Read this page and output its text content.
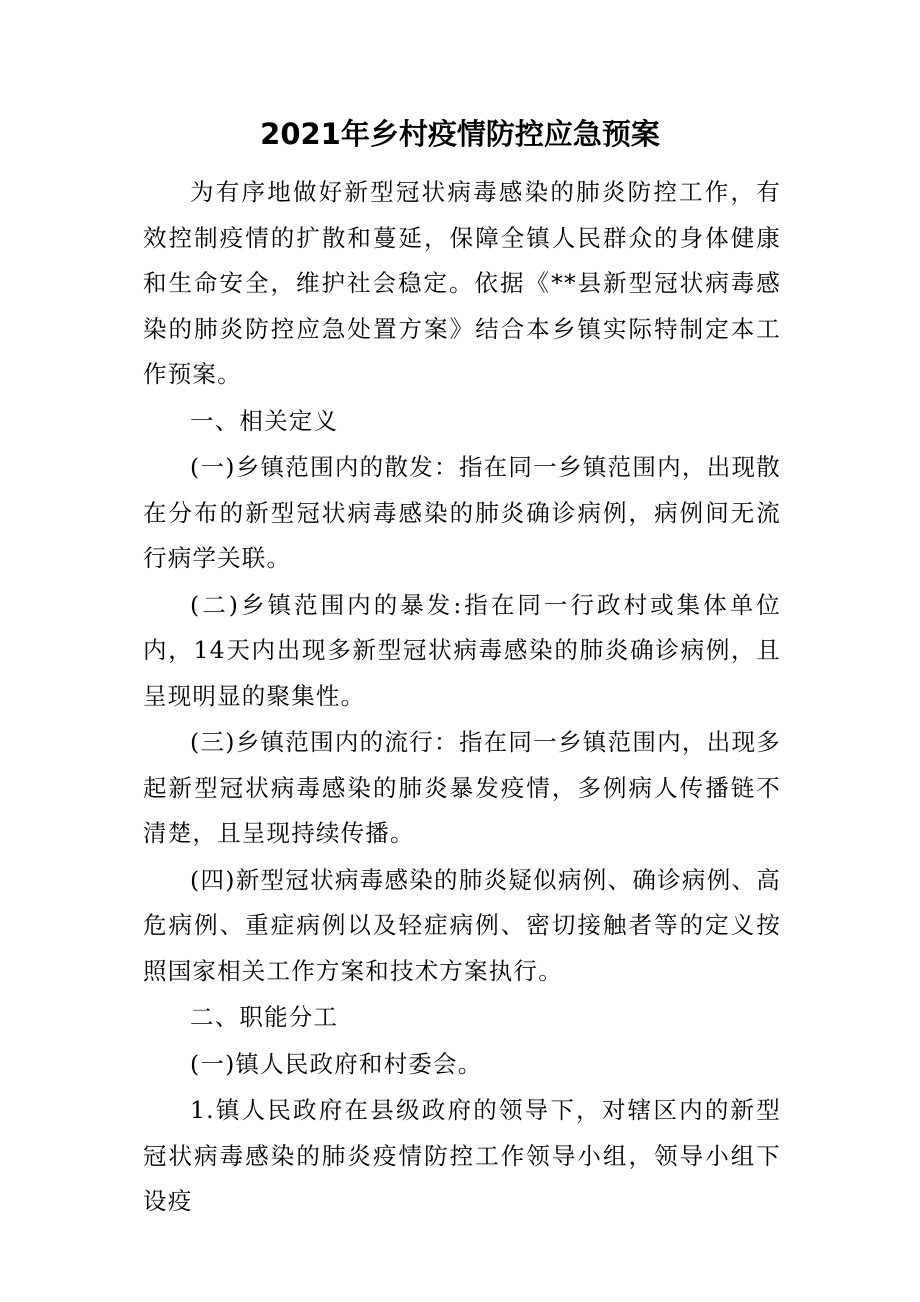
2021年乡村疫情防控应急预案

为有序地做好新型冠状病毒感染的肺炎防控工作，有效控制疫情的扩散和蔓延，保障全镇人民群众的身体健康和生命安全，维护社会稳定。依据《**县新型冠状病毒感染的肺炎防控应急处置方案》结合本乡镇实际特制定本工作预案。

一、相关定义

(一)乡镇范围内的散发：指在同一乡镇范围内，出现散在分布的新型冠状病毒感染的肺炎确诊病例，病例间无流行病学关联。

(二)乡镇范围内的暴发:指在同一行政村或集体单位内，14天内出现多新型冠状病毒感染的肺炎确诊病例，且呈现明显的聚集性。

(三)乡镇范围内的流行：指在同一乡镇范围内，出现多起新型冠状病毒感染的肺炎暴发疫情，多例病人传播链不清楚，且呈现持续传播。

(四)新型冠状病毒感染的肺炎疑似病例、确诊病例、高危病例、重症病例以及轻症病例、密切接触者等的定义按照国家相关工作方案和技术方案执行。

二、职能分工

(一)镇人民政府和村委会。

1.镇人民政府在县级政府的领导下，对辖区内的新型冠状病毒感染的肺炎疫情防控工作领导小组，领导小组下设疫
